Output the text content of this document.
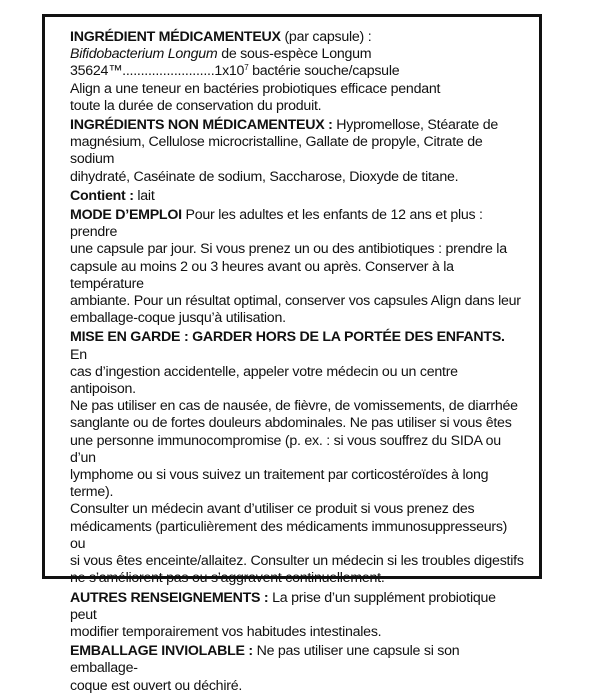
INGRÉDIENT MÉDICAMENTEUX (par capsule) :
Bifidobacterium Longum de sous-espèce Longum
$35624™.........................1x10^7$ bactérie souche/capsule
Align a une teneur en bactéries probiotiques efficace pendant
toute la durée de conservation du produit.
INGRÉDIENTS NON MÉDICAMENTEUX : Hypromellose, Stéarate de
magnésium, Cellulose microcristalline, Gallate de propyle, Citrate de sodium
dihydraté, Caséinate de sodium, Saccharose, Dioxyde de titane.
Contient : lait
MODE D’EMPLOI Pour les adultes et les enfants de 12 ans et plus : prendre
une capsule par jour. Si vous prenez un ou des antibiotiques : prendre la
capsule au moins 2 ou 3 heures avant ou après. Conserver à la température
ambiante. Pour un résultat optimal, conserver vos capsules Align dans leur
emballage-coque jusqu’à utilisation.
MISE EN GARDE : GARDER HORS DE LA PORTÉE DES ENFANTS. En
cas d’ingestion accidentelle, appeler votre médecin ou un centre antipoison.
Ne pas utiliser en cas de nausée, de fièvre, de vomissements, de diarrhée
sanglante ou de fortes douleurs abdominales. Ne pas utiliser si vous êtes
une personne immunocompromise (p. ex. : si vous souffrez du SIDA ou d’un
lymphome ou si vous suivez un traitement par corticostéroïdes à long terme).
Consulter un médecin avant d’utiliser ce produit si vous prenez des
médicaments (particulièrement des médicaments immunosuppresseurs) ou
si vous êtes enceinte/allaitez. Consulter un médecin si les troubles digestifs
ne s’améliorent pas ou s’aggravent continuellement.
AUTRES RENSEIGNEMENTS : La prise d’un supplément probiotique peut
modifier temporairement vos habitudes intestinales.
EMBALLAGE INVIOLABLE : Ne pas utiliser une capsule si son emballage-
coque est ouvert ou déchiré.
